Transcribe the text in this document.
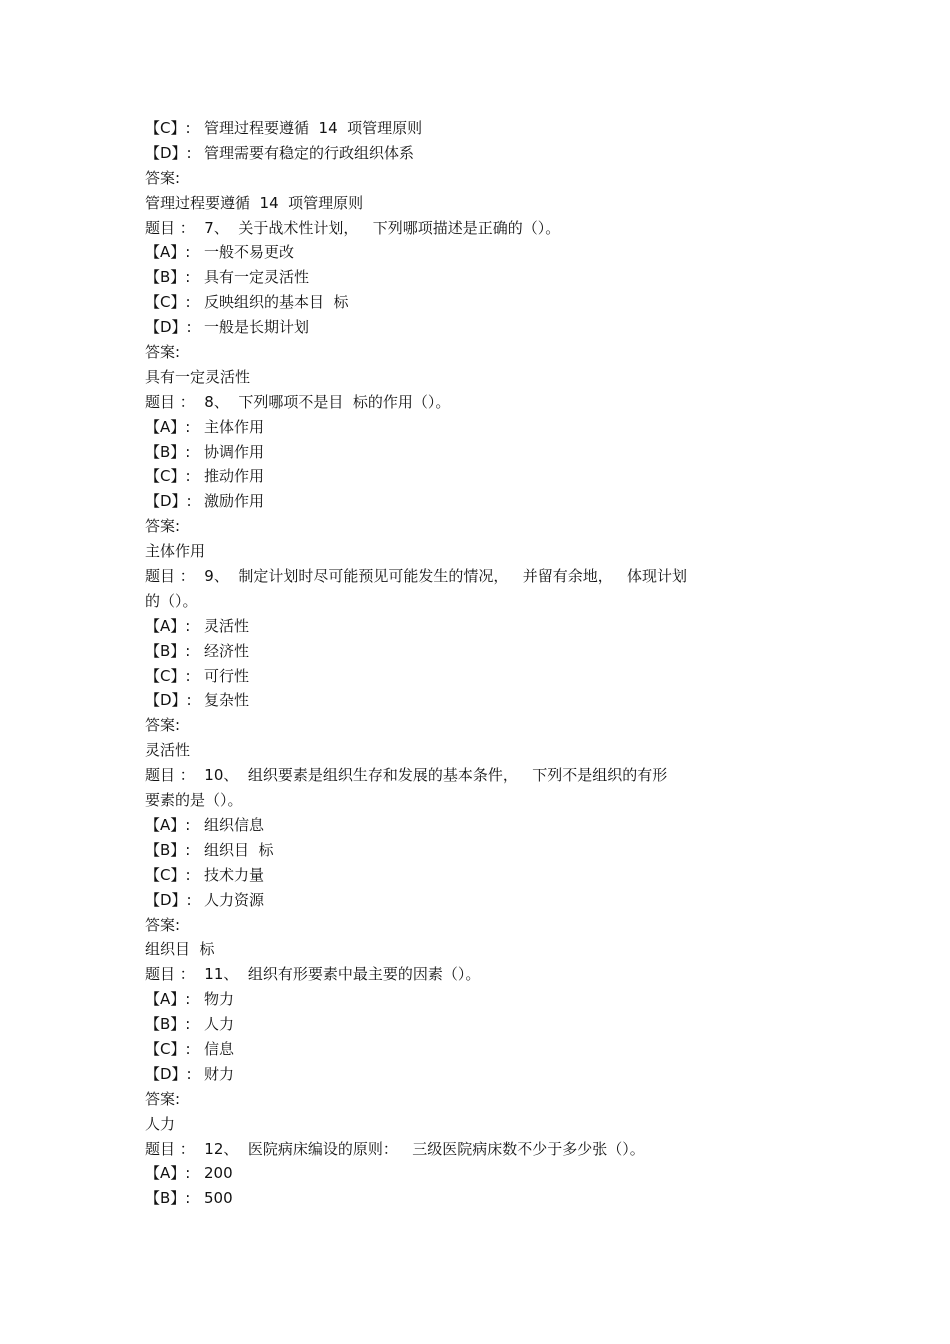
【C】: 管理过程要遵循  14  项管理原则
【D】: 管理需要有稳定的行政组织体系
答案:
管理过程要遵循  14  项管理原则
题目 ：  7、  关于战术性计划，   下列哪项描述是正确的（）。
【A】: 一般不易更改
【B】: 具有一定灵活性
【C】: 反映组织的基本目  标
【D】: 一般是长期计划
答案:
具有一定灵活性
题目 ：  8、  下列哪项不是目  标的作用（）。
【A】: 主体作用
【B】: 协调作用
【C】: 推动作用
【D】: 激励作用
答案:
主体作用
题目 ：  9、  制定计划时尽可能预见可能发生的情况，   并留有余地，   体现计划
的（）。
【A】: 灵活性
【B】: 经济性
【C】: 可行性
【D】: 复杂性
答案:
灵活性
题目 ：  10、  组织要素是组织生存和发展的基本条件，   下列不是组织的有形
要素的是（）。
【A】: 组织信息
【B】: 组织目  标
【C】: 技术力量
【D】: 人力资源
答案:
组织目  标
题目 ：  11、  组织有形要素中最主要的因素（）。
【A】: 物力
【B】: 人力
【C】: 信息
【D】: 财力
答案:
人力
题目 ：  12、  医院病床编设的原则：   三级医院病床数不少于多少张（）。
【A】: 200
【B】: 500
